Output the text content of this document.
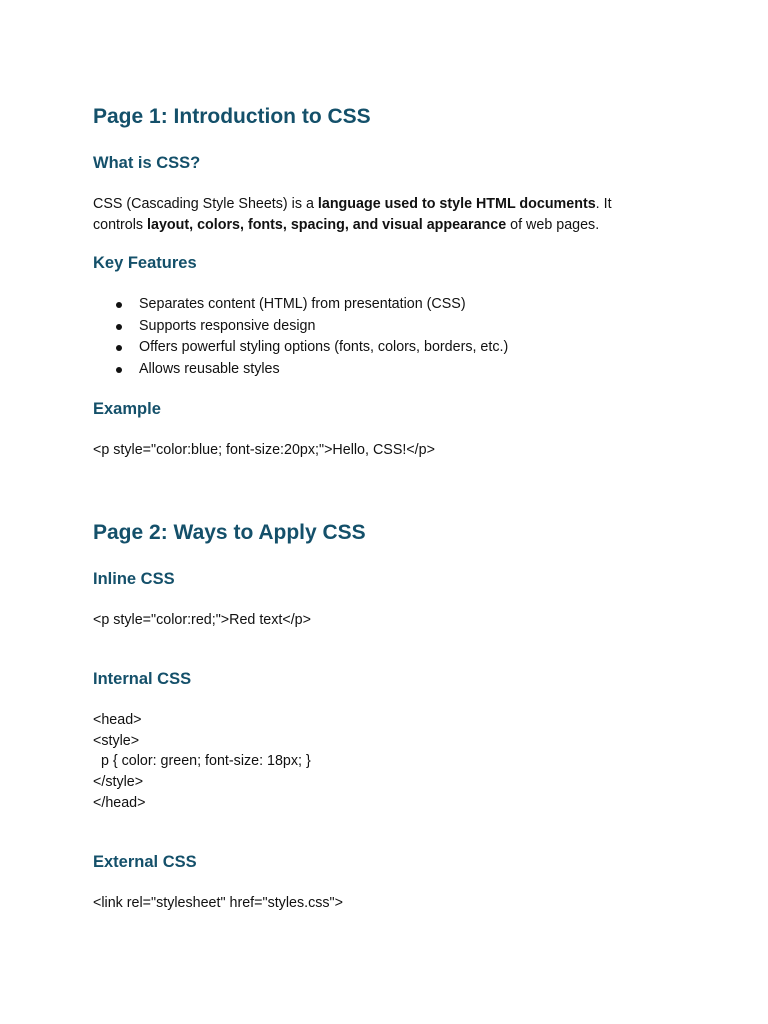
Page 1: Introduction to CSS
What is CSS?

CSS (Cascading Style Sheets) is a language used to style HTML documents. It controls layout, colors, fonts, spacing, and visual appearance of web pages.

Key Features
Separates content (HTML) from presentation (CSS)
Supports responsive design
Offers powerful styling options (fonts, colors, borders, etc.)
Allows reusable styles
Example

<p style="color:blue; font-size:20px;">Hello, CSS!</p>

Page 2: Ways to Apply CSS
Inline CSS

<p style="color:red;">Red text</p>

Internal CSS

<head>
<style>
p { color: green; font-size: 18px; }
</style>
</head>

External CSS

<link rel="stylesheet" href="styles.css">
